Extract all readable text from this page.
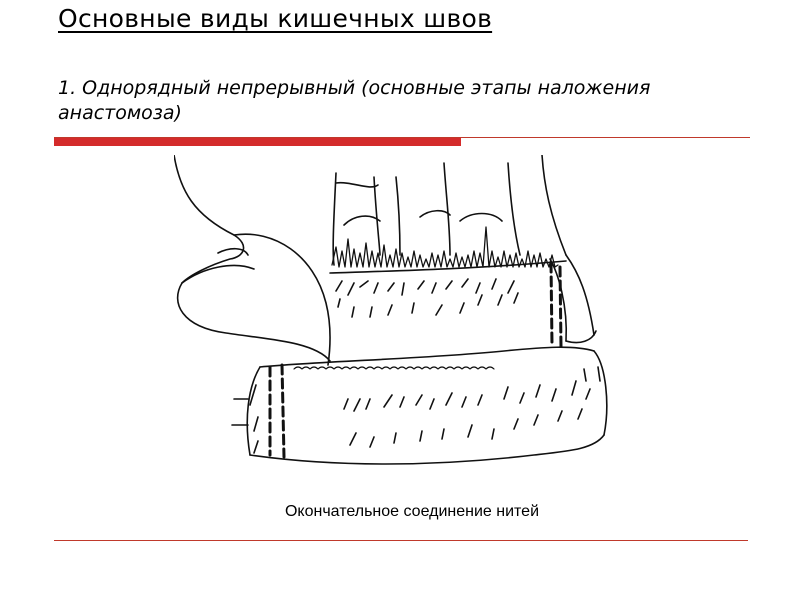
Основные виды кишечных швов
1. Однорядный непрерывный (основные этапы наложения анастомоза)
Окончательное соединение нитей
